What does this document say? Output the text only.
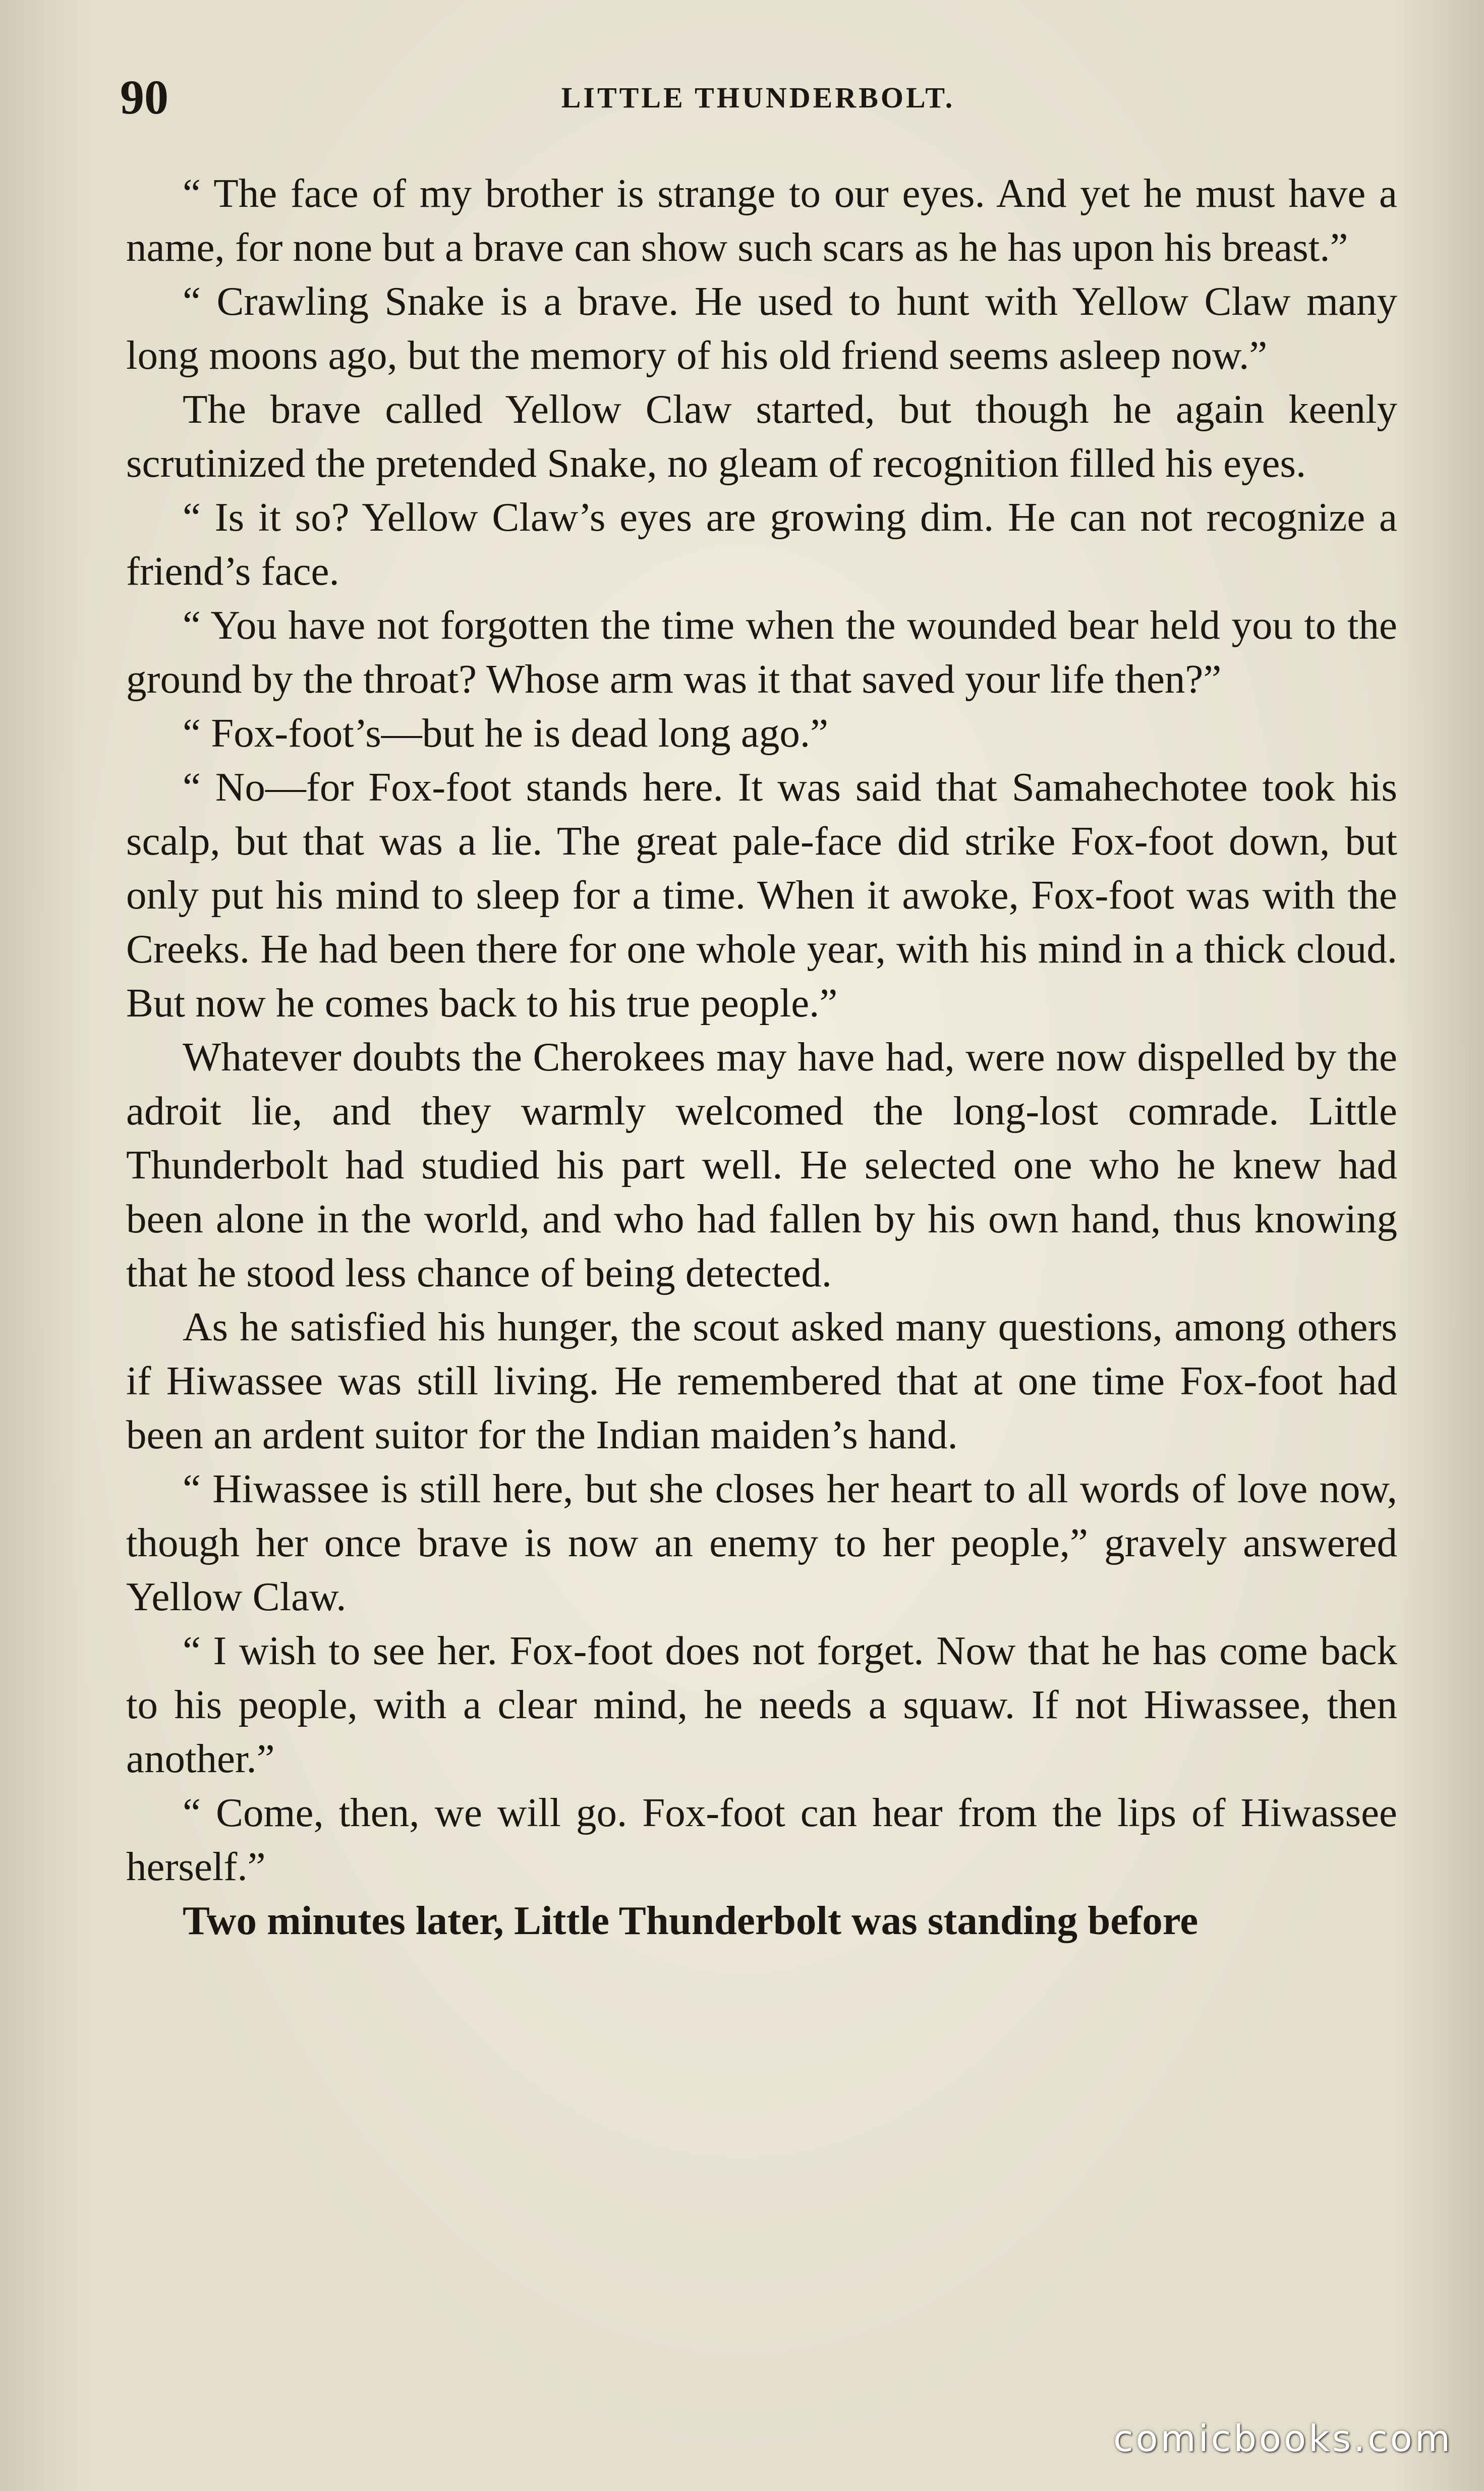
90	LITTLE THUNDERBOLT.

“ The face of my brother is strange to our eyes. And yet he must have a name, for none but a brave can show such scars as he has upon his breast.”

“ Crawling Snake is a brave. He used to hunt with Yellow Claw many long moons ago, but the memory of his old friend seems asleep now.”

The brave called Yellow Claw started, but though he again keenly scrutinized the pretended Snake, no gleam of recognition filled his eyes.

“ Is it so? Yellow Claw’s eyes are growing dim. He can not recognize a friend’s face.

“ You have not forgotten the time when the wounded bear held you to the ground by the throat? Whose arm was it that saved your life then?”

“ Fox-foot’s—but he is dead long ago.”

“ No—for Fox-foot stands here. It was said that Samahechotee took his scalp, but that was a lie. The great pale-face did strike Fox-foot down, but only put his mind to sleep for a time. When it awoke, Fox-foot was with the Creeks. He had been there for one whole year, with his mind in a thick cloud. But now he comes back to his true people.”

Whatever doubts the Cherokees may have had, were now dispelled by the adroit lie, and they warmly welcomed the long-lost comrade. Little Thunderbolt had studied his part well. He selected one who he knew had been alone in the world, and who had fallen by his own hand, thus knowing that he stood less chance of being detected.

As he satisfied his hunger, the scout asked many questions, among others if Hiwassee was still living. He remembered that at one time Fox-foot had been an ardent suitor for the Indian maiden’s hand.

“ Hiwassee is still here, but she closes her heart to all words of love now, though her once brave is now an enemy to her people,” gravely answered Yellow Claw.

“ I wish to see her. Fox-foot does not forget. Now that he has come back to his people, with a clear mind, he needs a squaw. If not Hiwassee, then another.”

“ Come, then, we will go. Fox-foot can hear from the lips of Hiwassee herself.”

Two minutes later, Little Thunderbolt was standing before

comicbooks.com
